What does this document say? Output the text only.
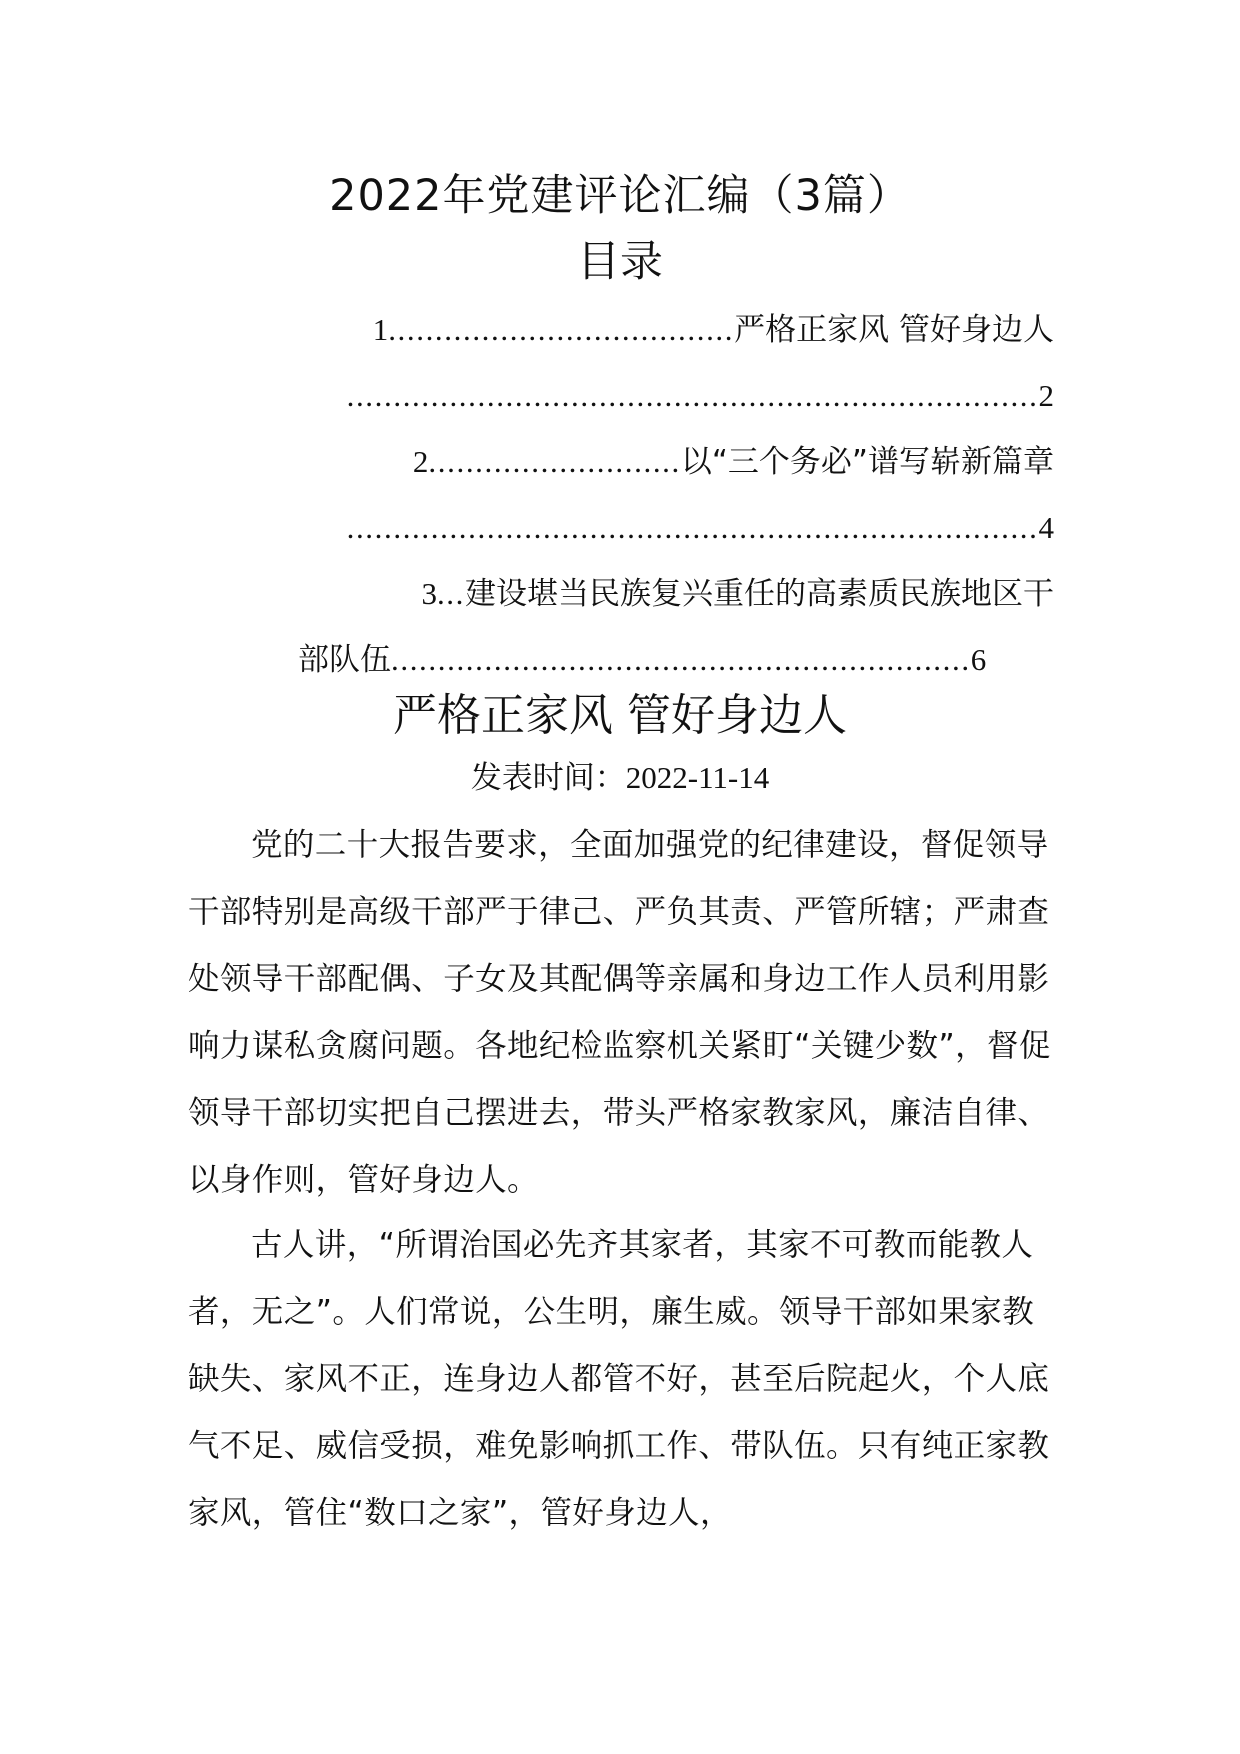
2022年党建评论汇编（3篇）
目录
1.....................................严格正家风 管好身边人
..........................................................................2
2...........................以“三个务必”谱写崭新篇章
..........................................................................4
3...建设堪当民族复兴重任的高素质民族地区干
部队伍..............................................................6
严格正家风 管好身边人
发表时间：2022-11-14
党的二十大报告要求，全面加强党的纪律建设，督促领导干部特别是高级干部严于律己、严负其责、严管所辖；严肃查处领导干部配偶、子女及其配偶等亲属和身边工作人员利用影响力谋私贪腐问题。各地纪检监察机关紧盯“关键少数”，督促领导干部切实把自己摆进去，带头严格家教家风，廉洁自律、以身作则，管好身边人。
古人讲，“所谓治国必先齐其家者，其家不可教而能教人者，无之”。人们常说，公生明，廉生威。领导干部如果家教缺失、家风不正，连身边人都管不好，甚至后院起火，个人底气不足、威信受损，难免影响抓工作、带队伍。只有纯正家教家风，管住“数口之家”，管好身边人，
